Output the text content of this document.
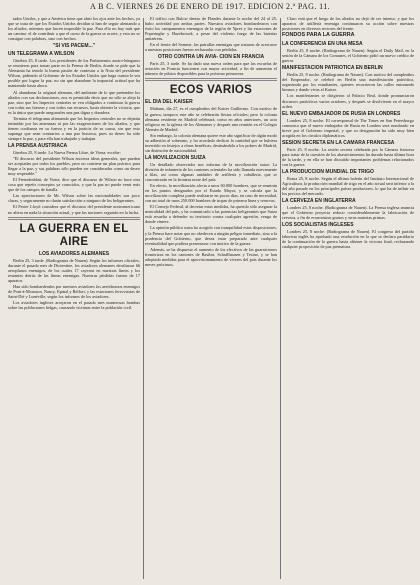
A B C. VIERNES 26 DE ENERO DE 1917. EDICION 2.ª PAG. 11.

tados Unidos, y que a América tiene que abrir los ojos ante los hechos, ya que se trata de que los Estados Unidos decidan si han de seguir alentando a los aliados, mientras que hacen imposible la paz. Para ello no hay más que un camino: el de contribuir a que el curso de la guerra se acorte, y esto no se consigue con palabras, sino con hechos.

"SI VIS PACEM..."
UN TELEGRAMA A WILSON

Ginebra 25, 8 tarde. Los presidentes de los Parlamentos austro-húngaros se reunieron para tomar parte en la Prensa de Berlín, donde se pide que la Alemania ha tenido la buena pasión de contestar a la Nota del presidente Wilson, pidiendo al Gobierno de los Estados Unidos que haga cuanto le sea posible por lograr la paz, no sin que abandone la imparcial actitud que ha mantenido hasta ahora.

Al abandonar la original alemana, del ambiente de lo que pretenden los aliados con sus declaraciones, nos es permitido decir que no sólo se aleja la paz, sino que los Imperios centrales se ven obligados a continuar la guerra con todas sus fuerzas y con todos sus recursos, hasta obtener la victoria, que es la única que puede asegurarles una paz digna y duradera.

Termina el telegrama afirmando que los Imperios centrales no se dejarán intimidar por las amenazas ni por las exageraciones de los aliados, y que tienen confianza en su fuerza y en la justicia de su causa, sin que esto suponga que sean contrarios a una paz honrosa, pues su deseo ha sido siempre la paz, y para ella han trabajado y trabajan.

LA PRENSA AUSTRIACA

Ginebra 25, 8 tarde. La Nueva Prensa Libre, de Viena, escribe:

"El discurso del presidente Wilson encierra ideas generales, que pueden ser aceptadas por todos los pueblos, pero no contiene un plan práctico para llegar a la paz, y sus palabras sólo pueden ser consideradas como un deseo muy respetable."

El Fremdenblatt, de Viena, dice que el discurso de Wilson no hace otra cosa que repetir conceptos ya conocidos, y que la paz no puede venir más que de los campos de batalla.

Las apreciaciones de Mr. Wilson sobre las nacionalidades son poco claras, y seguramente no darán satisfacción a ninguno de los beligerantes.

El Pester Lloyd considera que el discurso del presidente norteamericano no altera en nada la situación actual, y que las naciones seguirán en la lucha.

LA GUERRA EN EL AIRE
LOS AVIADORES ALEMANES

Berlín 25, 3 tarde. (Radiograma de Nauen). Según los informes oficiales, durante el pasado mes de Diciembre, los aviadores alemanes derribaron 66 aeroplanos enemigos, de los cuales 17 cayeron en nuestras líneas y los restantes detrás de las líneas enemigas. Nuestras pérdidas fueron de 17 aparatos.

Han sido bombardeados por nuestros aviadores los aeródromos enemigos de Pont-à-Mousson, Nancy, Epinal y Belfort, y las estaciones ferroviarias de Saint-Dié y Lunéville, según los informes de los aviadores.

Los aviadores ingleses arrojaron en el pasado mes numerosas bombas sobre las poblaciones belgas, causando víctimas entre la población civil.

El tráfico con Bulow dentro de Flandes durante la noche del 24 al 25, hubo actividad por ambas partes. Nuestros aviadores bombardearon con éxito los campamentos enemigos de la región de Ypres y las estaciones de Poperinghe y Hazebrouck, a pesar del violento fuego de las baterías antiaéreas.

En el frente del Somme, las patrullas enemigas que trataron de acercarse a nuestras posiciones fueron rechazadas con pérdidas.

OTRO CONTRA UN AVIA- CION EN FRANCIA

París 25, 3 tarde. Se ha dado una nueva orden para que las escuelas de aviación en Francia funcionen con mayor actividad, a fin de aumentar el número de pilotos disponibles para la próxima primavera.

ECOS VARIOS
EL DIA DEL KAISER

Mañana, día 27, es el cumpleaños del Kaiser Guillermo. Con motivo de la guerra, tampoco este año se celebrarán fiestas oficiales; pero la colonia alemana residente en Madrid celebrará, como en años anteriores, un acto religioso en la iglesia de los Alemanes y después una reunión en el Colegio Alemán de Madrid.

Sin embargo, la colonia alemana quiere este año significar de algún modo su adhesión al soberano, y ha acordado dedicar la cantidad que se hubiera invertido en festejos a obras benéficas, destinándola a los pobres de Madrid, sin distinción de nacionalidad.

LA MOVILIZACION SUIZA

Un detallado observador nos informa de la movilización suiza: La división de infantería de los cantones orientales ha sido llamada nuevamente a filas, así como algunas unidades de artillería y caballería, que se concentrarán en la frontera norte del país.

En efecto, la movilización afecta a unos 60.000 hombres, que se reunirán en los puntos designados por el Estado Mayor, y se calcula que la movilización completa puede realizarse en pocos días, en caso de necesidad, con un total de unos 250.000 hombres de tropas de primera línea y reservas.

El Consejo Federal, al decretar estas medidas, ha querido sólo asegurar la neutralidad del país, y ha comunicado a las potencias beligerantes que Suiza está resuelta a defender su territorio contra cualquier agresión, venga de donde viniere.

La opinión pública suiza ha acogido con tranquilidad estas disposiciones, y la Prensa hace notar que no obedecen a ningún peligro inmediato, sino a la prudencia del Gobierno, que desea estar preparado ante cualquier eventualidad que pudiera presentarse con motivo de la guerra.

Además, se ha dispuesto el aumento de los efectivos de las guarniciones fronterizas en los cantones de Basilea, Schaffhausen y Tesino, y se han adoptado medidas para el aprovisionamiento de víveres del país durante los meses próximos.

Claro está que el fuego de los aliados no dejó de ser intenso, y que los aparatos de artillería enemiga continuaron su acción sobre nuestras posiciones en diversos sectores del frente.

FONDOS PARA LA GUERRA
LA CONFERENCIA EN UNA MESA

Berlín 25, 8 noche. (Radiograma de Nauen). Según el Daily Mail, en la sesión de la Cámara de los Comunes, el Gobierno pidió un nuevo crédito de guerra.

MANIFESTACION PATRIOTICA EN BERLIN

Berlín 25, 8 noche. (Radiograma de Nauen). Con motivo del cumpleaños del Emperador, se celebró en Berlín una manifestación patriótica, organizada por los estudiantes, quienes recorrieron las calles entonando himnos y dando vivas al Kaiser.

Los manifestantes se dirigieron al Palacio Real, donde pronunciaron discursos patrióticos varios oradores, y después se disolvieron en el mayor orden.

EL NUEVO EMBAJADOR DE RUSIA EN LONDRES

Londres 25, 8 noche. El corresponsal de The Times en San Petersburgo comunica que el nuevo embajador de Rusia en Londres será nombrado en breve por el Gobierno imperial, y que su designación ha sido muy bien acogida en los círculos diplomáticos.

SESION SECRETA EN LA CAMARA FRANCESA

París 25, 8 noche. La sesión secreta celebrada por la Cámara francesa para tratar de la cuestión de los abastecimientos ha durado hasta última hora de la tarde, y en ella se han discutido importantes problemas relacionados con la guerra.

LA PRODUCCION MUNDIAL DE TRIGO

Roma 25, 8 noche. Según el último boletín del Instituto Internacional de Agricultura, la producción mundial de trigo en el año actual será inferior a la del año pasado en los principales países productores, lo que ha de influir en los precios del mercado.

LA CERVEZA EN INGLATERRA

Londres 25, 8 noche. (Radiograma de Nauen). La Prensa inglesa anuncia que el Gobierno proyecta reducir considerablemente la fabricación de cerveza, a fin de economizar granos y otras materias primas.

LOS SOCIALISTAS INGLESES

Londres 25, 8 noche. (Radiograma de Nauen). El congreso del partido laborista inglés ha aprobado una resolución en la que se declara partidario de la continuación de la guerra hasta obtener la victoria final, rechazando cualquier proposición de paz prematura.
